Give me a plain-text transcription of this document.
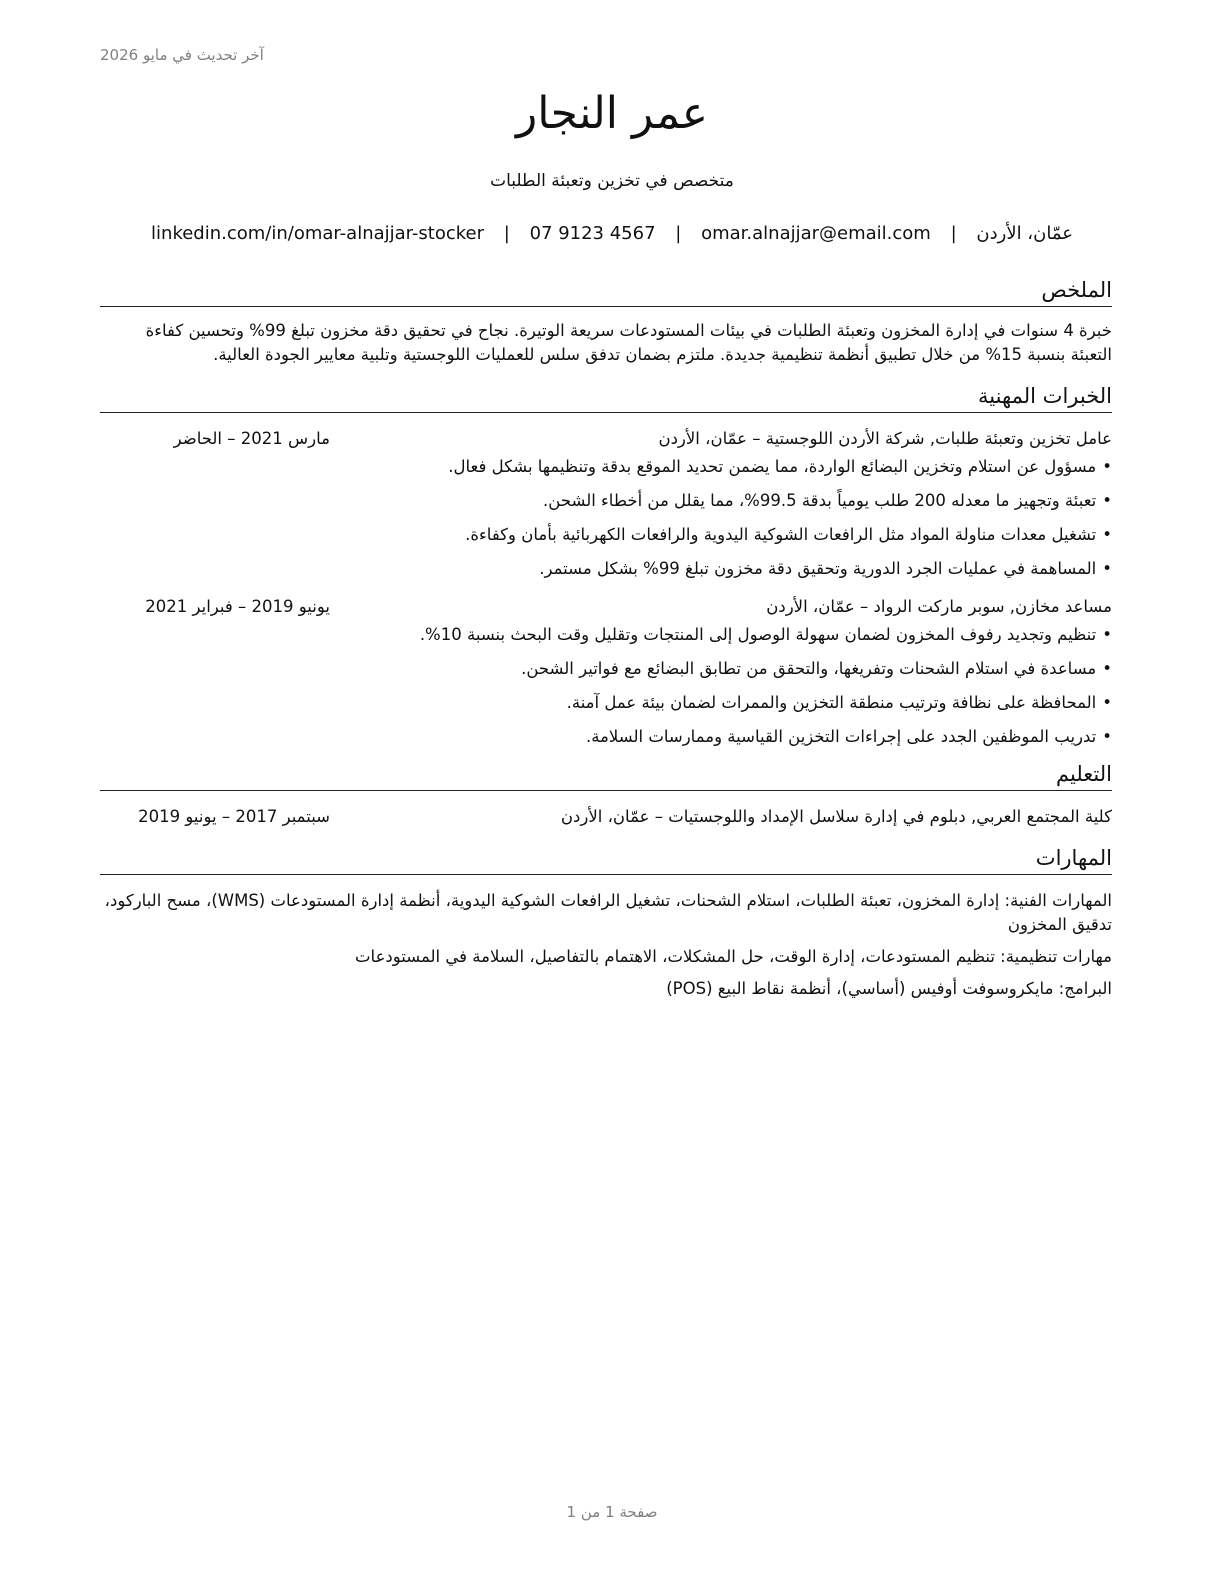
آخر تحديث في مايو 2026
عمر النجار
متخصص في تخزين وتعبئة الطلبات
عمّان، الأردن | omar.alnajjar@email.com | 07 9123 4567 | linkedin.com/in/omar-alnajjar-stocker
الملخص
خبرة 4 سنوات في إدارة المخزون وتعبئة الطلبات في بيئات المستودعات سريعة الوتيرة. نجاح في تحقيق دقة مخزون تبلغ 99% وتحسين كفاءة التعبئة بنسبة 15% من خلال تطبيق أنظمة تنظيمية جديدة. ملتزم بضمان تدفق سلس للعمليات اللوجستية وتلبية معايير الجودة العالية.
الخبرات المهنية
عامل تخزين وتعبئة طلبات, شركة الأردن اللوجستية – عمّان، الأردن
مارس 2021 – الحاضر
•مسؤول عن استلام وتخزين البضائع الواردة، مما يضمن تحديد الموقع بدقة وتنظيمها بشكل فعال.
•تعبئة وتجهيز ما معدله 200 طلب يومياً بدقة 99.5%، مما يقلل من أخطاء الشحن.
•تشغيل معدات مناولة المواد مثل الرافعات الشوكية اليدوية والرافعات الكهربائية بأمان وكفاءة.
•المساهمة في عمليات الجرد الدورية وتحقيق دقة مخزون تبلغ 99% بشكل مستمر.
مساعد مخازن, سوبر ماركت الرواد – عمّان، الأردن
يونيو 2019 – فبراير 2021
•تنظيم وتجديد رفوف المخزون لضمان سهولة الوصول إلى المنتجات وتقليل وقت البحث بنسبة 10%.
•مساعدة في استلام الشحنات وتفريغها، والتحقق من تطابق البضائع مع فواتير الشحن.
•المحافظة على نظافة وترتيب منطقة التخزين والممرات لضمان بيئة عمل آمنة.
•تدريب الموظفين الجدد على إجراءات التخزين القياسية وممارسات السلامة.
التعليم
كلية المجتمع العربي, دبلوم في إدارة سلاسل الإمداد واللوجستيات – عمّان، الأردن
سبتمبر 2017 – يونيو 2019
المهارات
المهارات الفنية: إدارة المخزون، تعبئة الطلبات، استلام الشحنات، تشغيل الرافعات الشوكية اليدوية، أنظمة إدارة المستودعات (WMS)، مسح الباركود، تدقيق المخزون
مهارات تنظيمية: تنظيم المستودعات، إدارة الوقت، حل المشكلات، الاهتمام بالتفاصيل، السلامة في المستودعات
البرامج: مايكروسوفت أوفيس (أساسي)، أنظمة نقاط البيع (POS)
صفحة 1 من 1
